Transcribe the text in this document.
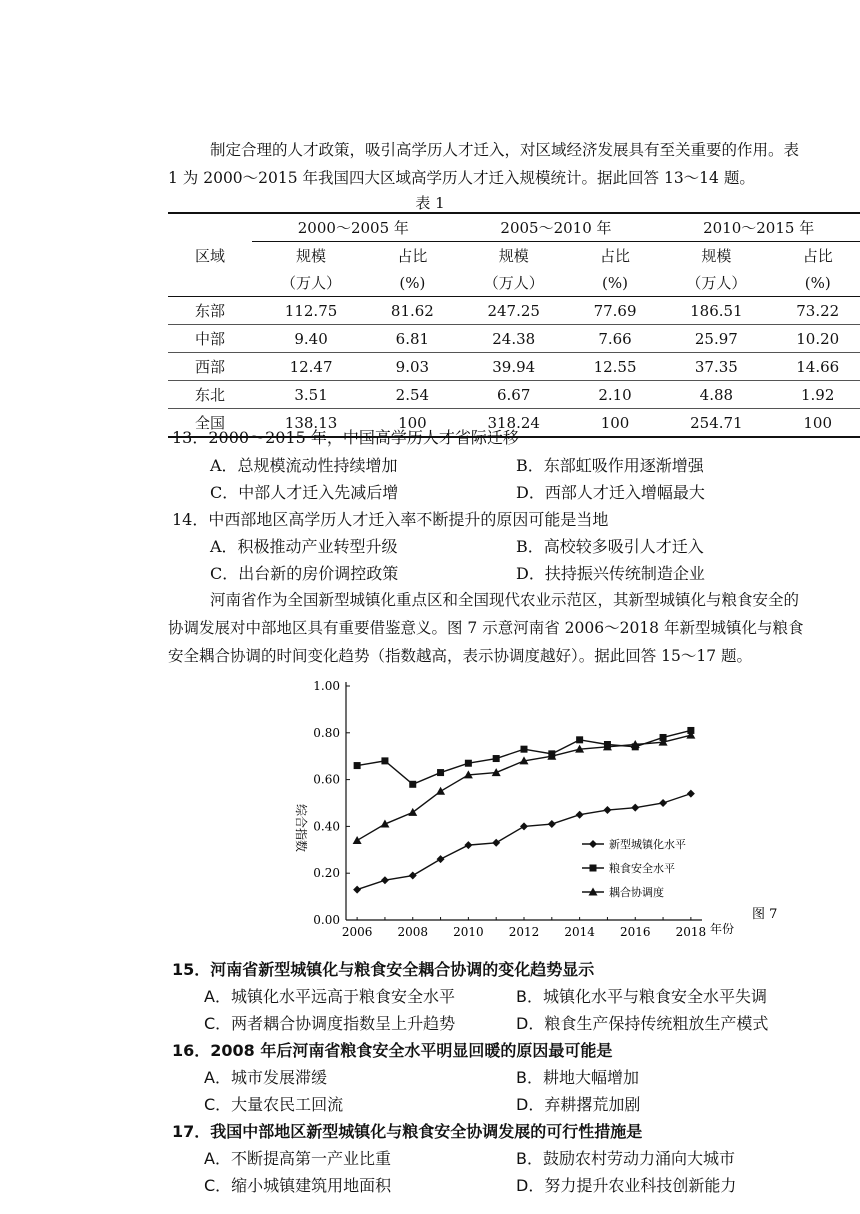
制定合理的人才政策，吸引高学历人才迁入，对区域经济发展具有至关重要的作用。表
1 为 2000～2015 年我国四大区域高学历人才迁入规模统计。据此回答 13～14 题。
表 1
区域	2000～2005 年		2005～2010 年		2010～2015 年	
	规模	占比	规模	占比	规模	占比
	（万人）	(%)	（万人）	(%)	（万人）	(%)
东部	112.75	81.62	247.25	77.69	186.51	73.22
中部	9.40	6.81	24.38	7.66	25.97	10.20
西部	12.47	9.03	39.94	12.55	37.35	14.66
东北	3.51	2.54	6.67	2.10	4.88	1.92
全国	138.13	100	318.24	100	254.71	100
13．2000～2015 年，中国高学历人才省际迁移
A．总规模流动性持续增加	B．东部虹吸作用逐渐增强
C．中部人才迁入先减后增	D．西部人才迁入增幅最大
14．中西部地区高学历人才迁入率不断提升的原因可能是当地
A．积极推动产业转型升级	B．高校较多吸引人才迁入
C．出台新的房价调控政策	D．扶持振兴传统制造企业
河南省作为全国新型城镇化重点区和全国现代农业示范区，其新型城镇化与粮食安全的
协调发展对中部地区具有重要借鉴意义。图 7 示意河南省 2006～2018 年新型城镇化与粮食
安全耦合协调的时间变化趋势（指数越高，表示协调度越好）。据此回答 15～17 题。
0.00
0.20
0.40
0.60
0.80
1.00
2006 2008 2010 2012 2014 2016 2018
新型城镇化水平
粮食安全水平
耦合协调度
综合指数
年份
图 7
15．河南省新型城镇化与粮食安全耦合协调的变化趋势显示
A．城镇化水平远高于粮食安全水平	B．城镇化水平与粮食安全水平失调
C．两者耦合协调度指数呈上升趋势	D．粮食生产保持传统粗放生产模式
16．2008 年后河南省粮食安全水平明显回暖的原因最可能是
A．城市发展滞缓	B．耕地大幅增加
C．大量农民工回流	D．弃耕撂荒加剧
17．我国中部地区新型城镇化与粮食安全协调发展的可行性措施是
A．不断提高第一产业比重	B．鼓励农村劳动力涌向大城市
C．缩小城镇建筑用地面积	D．努力提升农业科技创新能力
